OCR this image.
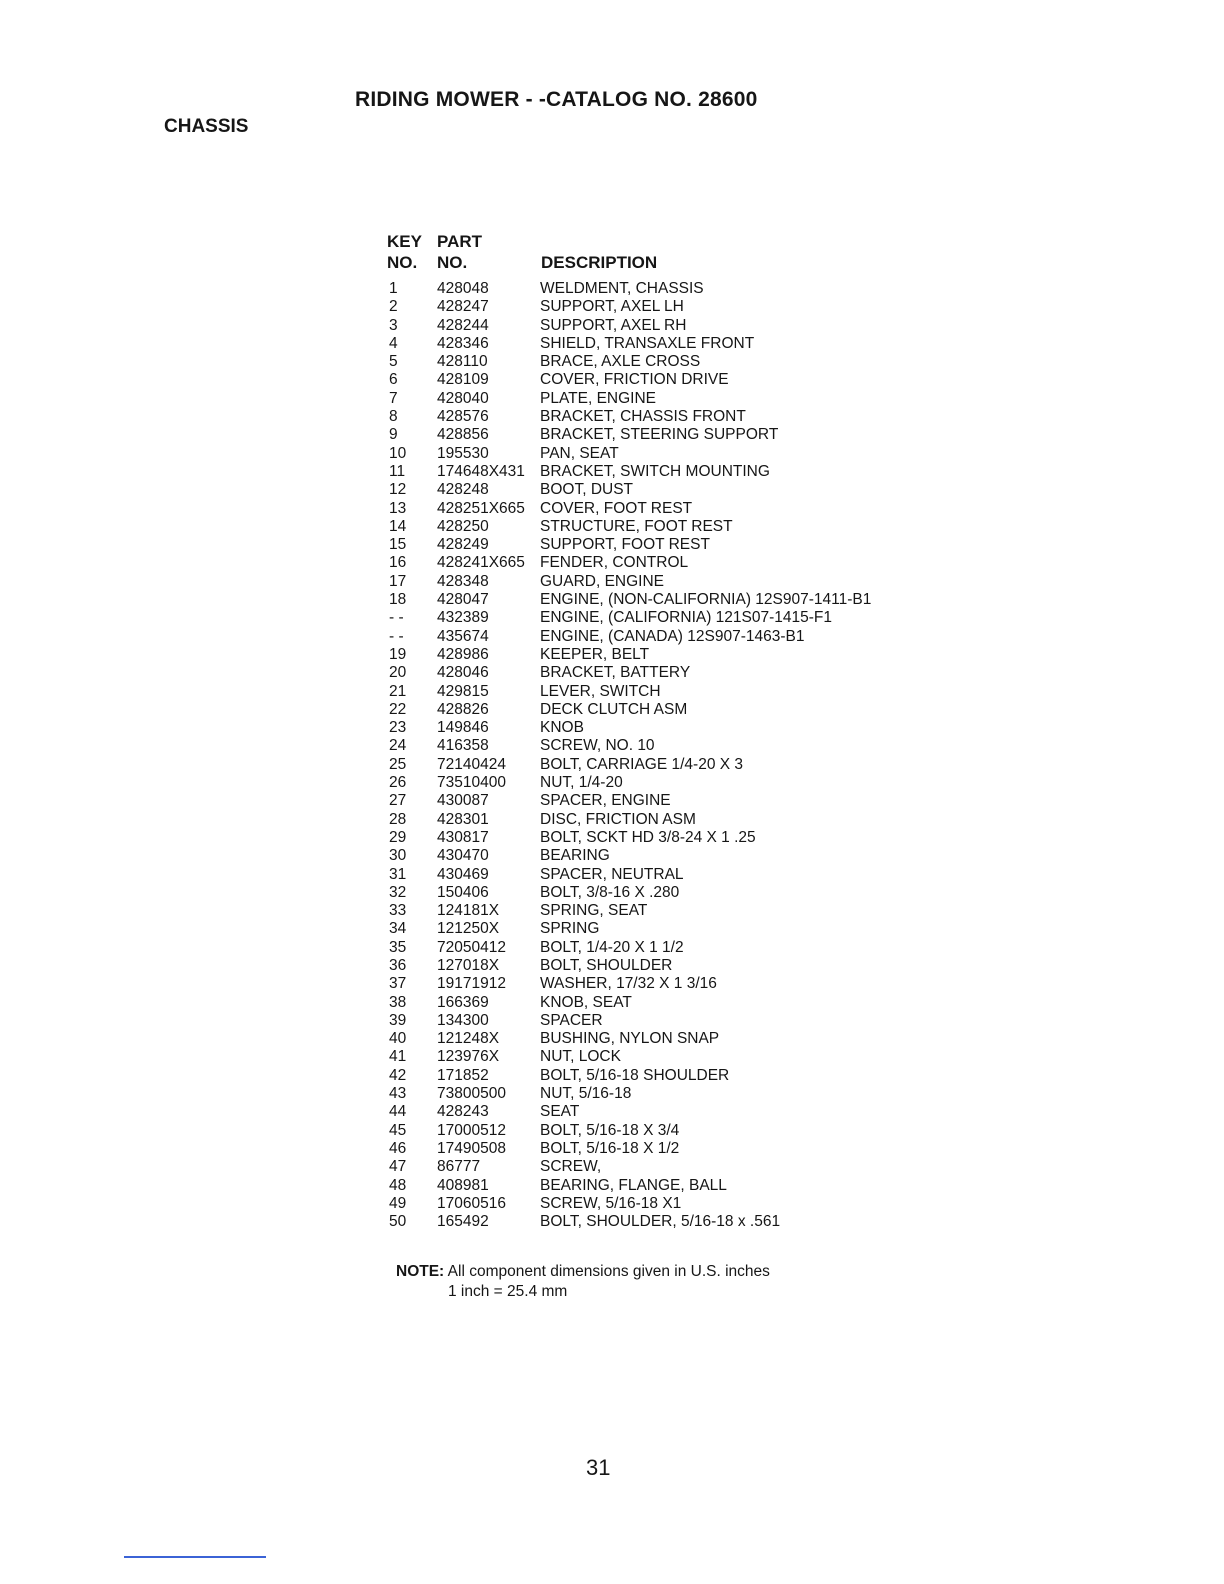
RIDING MOWER - -CATALOG NO. 28600
CHASSIS
KEY PART
NO. NO.	DESCRIPTION
1	428048	WELDMENT, CHASSIS
2	428247	SUPPORT, AXEL LH
3	428244	SUPPORT, AXEL RH
4	428346	SHIELD, TRANSAXLE FRONT
5	428110	BRACE, AXLE CROSS
6	428109	COVER, FRICTION DRIVE
7	428040	PLATE, ENGINE
8	428576	BRACKET, CHASSIS FRONT
9	428856	BRACKET, STEERING SUPPORT
10 195530	PAN, SEAT
11 174648X431 BRACKET, SWITCH MOUNTING
12 428248	BOOT, DUST
13 428251X665 COVER, FOOT REST
14 428250	STRUCTURE, FOOT REST
15 428249	SUPPORT, FOOT REST
16 428241X665 FENDER, CONTROL
17 428348	GUARD, ENGINE
18 428047	ENGINE, (NON-CALIFORNIA) 12S907-1411-B1
- - 432389	ENGINE, (CALIFORNIA) 121S07-1415-F1
- - 435674	ENGINE, (CANADA) 12S907-1463-B1
19 428986	KEEPER, BELT
20 428046	BRACKET, BATTERY
21 429815	LEVER, SWITCH
22 428826	DECK CLUTCH ASM
23 149846	KNOB
24 416358	SCREW, NO. 10
25 72140424 BOLT, CARRIAGE 1/4-20 X 3
26 73510400 NUT, 1/4-20
27 430087	SPACER, ENGINE
28 428301	DISC, FRICTION ASM
29 430817	BOLT, SCKT HD 3/8-24 X 1 .25
30 430470	BEARING
31 430469	SPACER, NEUTRAL
32 150406	BOLT, 3/8-16 X .280
33 124181X	SPRING, SEAT
34 121250X	SPRING
35 72050412 BOLT, 1/4-20 X 1 1/2
36 127018X	BOLT, SHOULDER
37 19171912 WASHER, 17/32 X 1 3/16
38 166369	KNOB, SEAT
39 134300	SPACER
40 121248X	BUSHING, NYLON SNAP
41 123976X	NUT, LOCK
42 171852	BOLT, 5/16-18 SHOULDER
43 73800500 NUT, 5/16-18
44 428243	SEAT
45 17000512 BOLT, 5/16-18 X 3/4
46 17490508 BOLT, 5/16-18 X 1/2
47 86777	SCREW,
48 408981	BEARING, FLANGE, BALL
49 17060516 SCREW, 5/16-18 X1
50 165492	BOLT, SHOULDER, 5/16-18 x .561
NOTE: All component dimensions given in U.S. inches
1 inch = 25.4 mm
31
